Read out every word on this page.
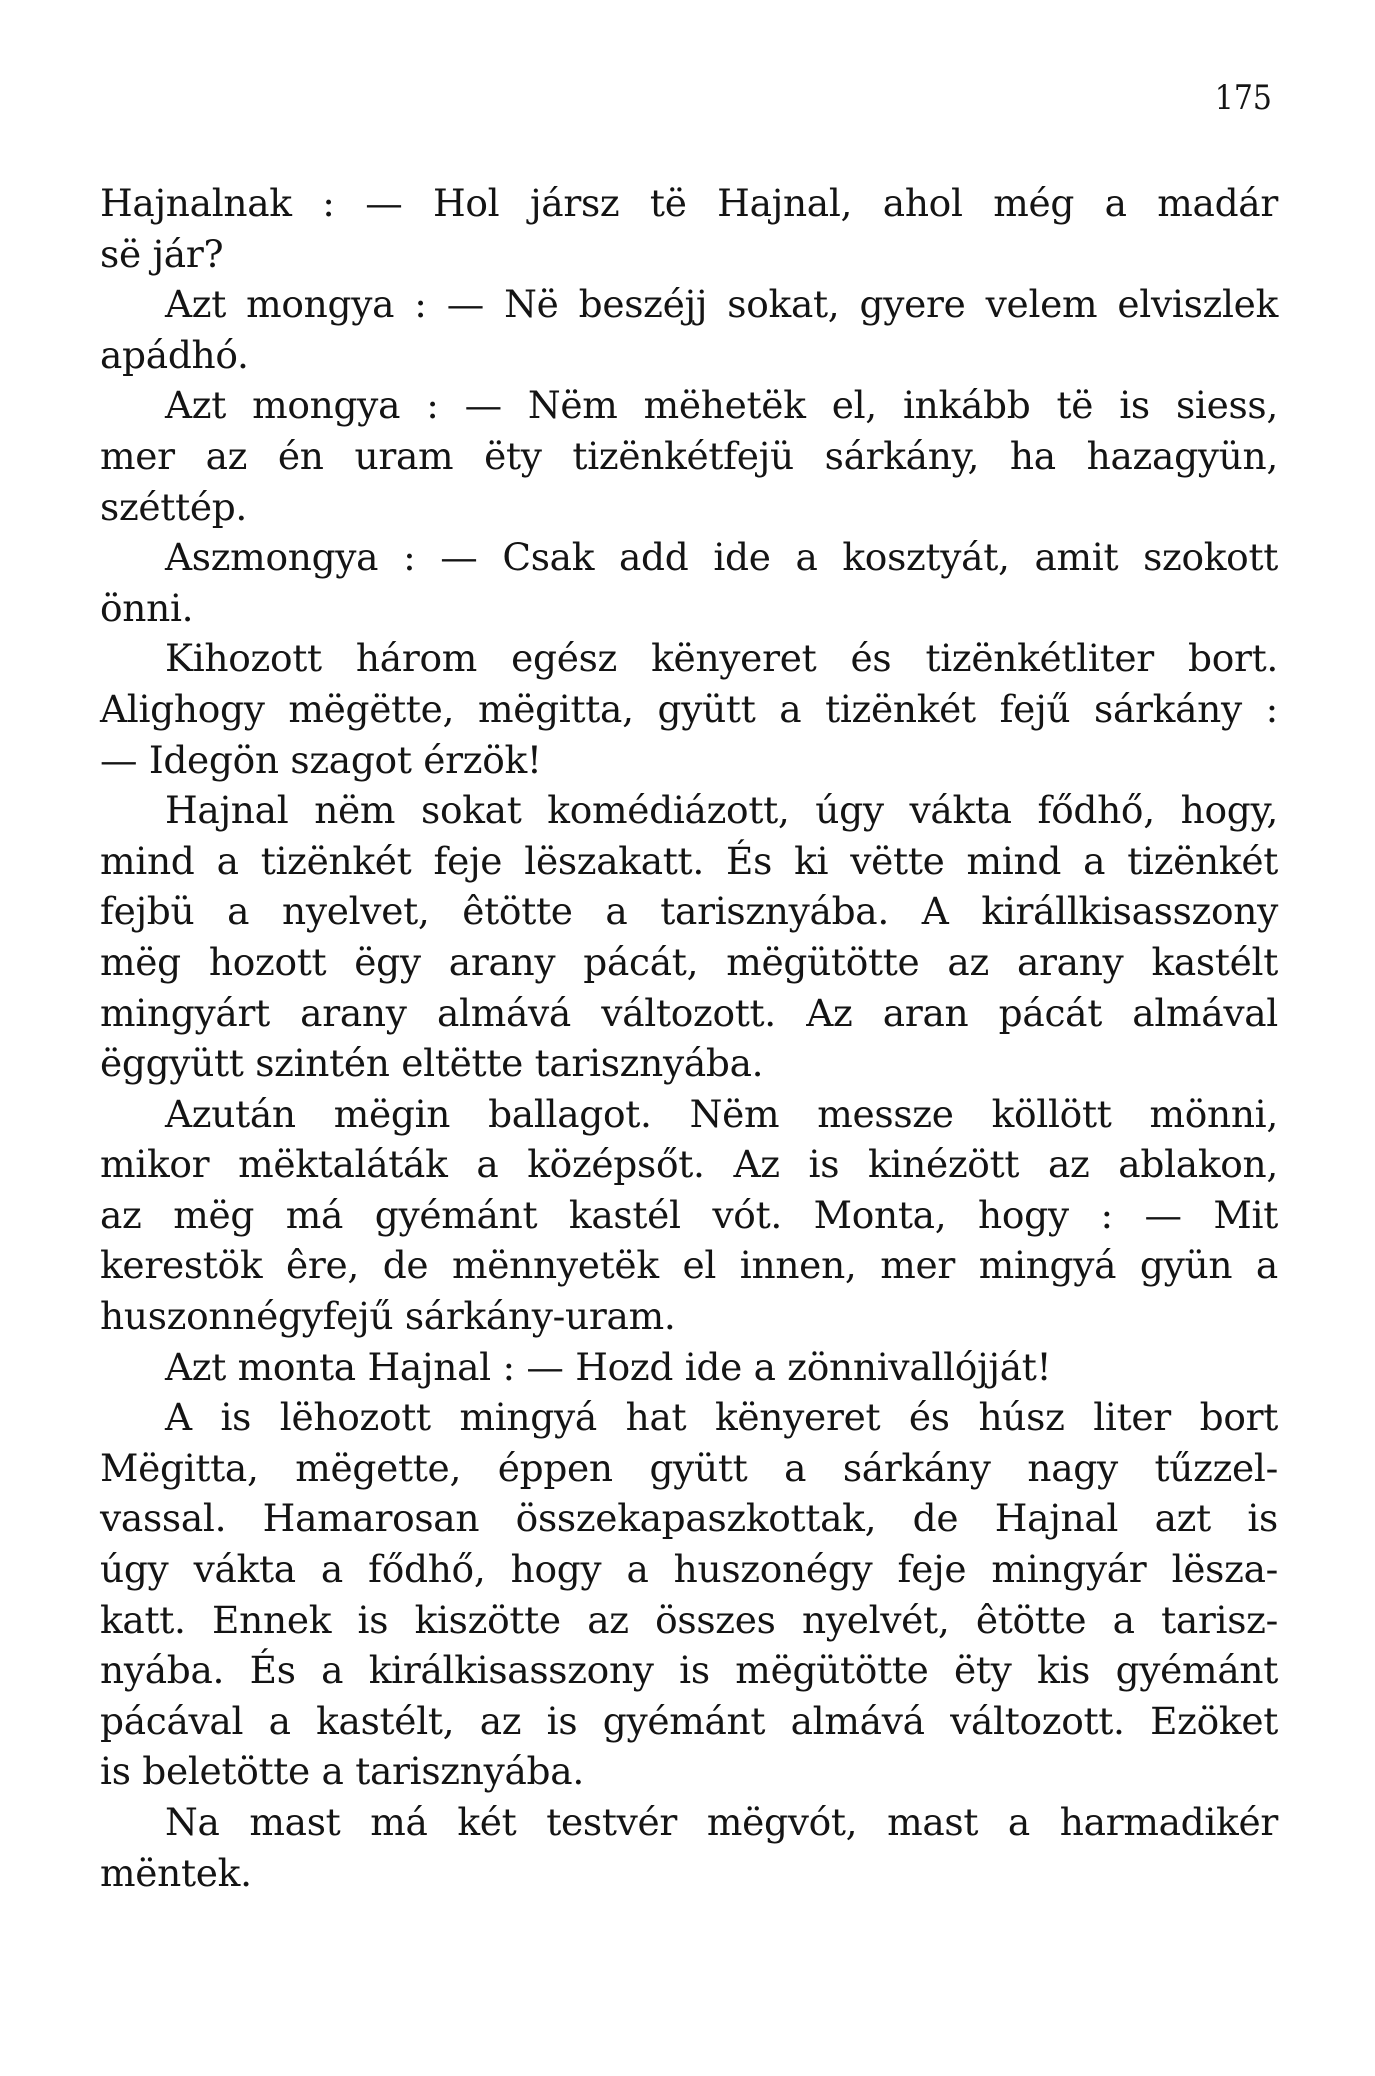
175
Hajnalnak : — Hol jársz të Hajnal, ahol még a madár
së jár?
Azt mongya : — Në beszéjj sokat, gyere velem elviszlek
apádhó.
Azt mongya : — Nëm mëhetëk el, inkább të is siess,
mer az én uram ëty tizënkétfejü sárkány, ha hazagyün,
széttép.
Aszmongya : — Csak add ide a kosztyát, amit szokott
önni.
Kihozott három egész kënyeret és tizënkétliter bort.
Alighogy mëgëtte, mëgitta, gyütt a tizënkét fejű sárkány :
— Idegön szagot érzök!
Hajnal nëm sokat komédiázott, úgy vákta fődhő, hogy,
mind a tizënkét feje lëszakatt. És ki vëtte mind a tizënkét
fejbü a nyelvet, êtötte a tarisznyába. A királlkisasszony
mëg hozott ëgy arany pácát, mëgütötte az arany kastélt
mingyárt arany almává változott. Az aran pácát almával
ëggyütt szintén eltëtte tarisznyába.
Azután mëgin ballagot. Nëm messze köllött mönni,
mikor mëktaláták a középsőt. Az is kinézött az ablakon,
az mëg má gyémánt kastél vót. Monta, hogy : — Mit
kerestök êre, de mënnyetëk el innen, mer mingyá gyün a
huszonnégyfejű sárkány-uram.
Azt monta Hajnal : — Hozd ide a zönnivallójját!
A is lëhozott mingyá hat kënyeret és húsz liter bort
Mëgitta, mëgette, éppen gyütt a sárkány nagy tűzzel-
vassal. Hamarosan összekapaszkottak, de Hajnal azt is
úgy vákta a fődhő, hogy a huszonégy feje mingyár lësza-
katt. Ennek is kiszötte az összes nyelvét, êtötte a tarisz-
nyába. És a királkisasszony is mëgütötte ëty kis gyémánt
pácával a kastélt, az is gyémánt almává változott. Ezöket
is beletötte a tarisznyába.
Na mast má két testvér mëgvót, mast a harmadikér
mëntek.
